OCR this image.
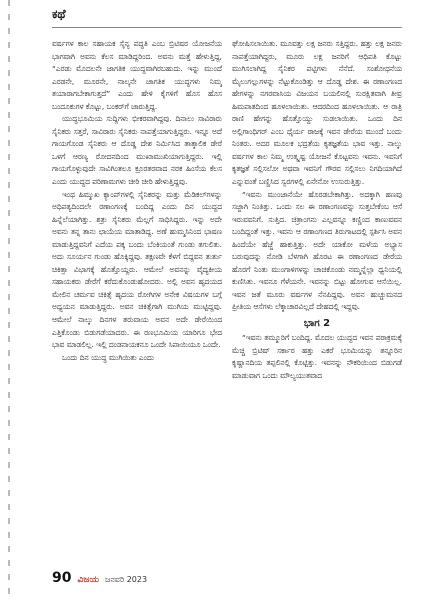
ಕಥೆ

ವರ್ಷಗಳ ಕಾಲ ಸಹಾಯಕ ಸೈನ್ಯ ಪದ್ಧತಿ ಎಂಬ ಬ್ರಿಟಿಷರ ಯೋಜನೆಯ ಭಾಗವಾಗಿ ಅವನು ಕೆಲಸ ಮಾಡಿದ್ದರಿಂದ. ಅವನು ಮತ್ತೆ ಹೇಳುತ್ತಿದ್ದ, “ಎರಡು ಮೊದಲನೇ ಜಾಗತಿಕ ಯುದ್ಧವಾಗಿರಬಹುದು. ಇನ್ನು ಮುಂದೆ ಎರಡನೇ, ಮೂರನೇ, ನಾಲ್ಕನೇ ಜಾಗತಿಕ ಯುದ್ಧಗಳು ನಿಮ್ಮ ತಯಾರಾಗಬೇಕಾಗುತ್ತದೆ” ಎಂದು ಹೇಳಿ ಕೈಗಳಿಗೆ ಹೊಸ ಹೊಸ ಬಂದೂಕುಗಳ ಕೊಟ್ಟು, ಬಂಕರ್‌ಗೆ ಜಾರುತ್ತಿದ್ದ.

ಯುದ್ಧಭೂಮಿಯ ಸುದ್ದಿಗಳು ಭೀಕರವಾಗಿದ್ದವು. ದಿನಾಲು ಸಾವಿರಾರು ಸೈನಿಕರು ಸತ್ತರೆ, ಸಾವಿರಾರು ಸೈನಿಕರು ನಾಪತ್ತೆಯಾಗುತ್ತಿದ್ದರು. ಇನ್ನೂ ಅದೆ ಗಾಯಗೊಂಡ ಸೈನಿಕರು ಆ ದೊಡ್ಡ ದೇಶ ನಿರ್ಮಿಸಿದ ತಾತ್ಕಾಲಿಕ ಡೇರೆ ಒಳಗೆ ಆರಣ್ಯ ರೋದನದಿಂದ ಮುಖಾಮುಖಿಯಾಗುತ್ತಿದ್ದರು. ಇಲ್ಲಿ ಗಾಯಗೊಳ್ಳುವುದೇ ಸಾವಿಗಿಂತಲೂ ಕ್ರೂರತರವಾದ ನರಕ ಹಿಂಸೆಯ ಕೆಲಸ ಎಂದು ಯುದ್ಧದ ಪರಿಣಾಮಗಳು ಚೀರಿ ಚೀರಿ ಹೇಳುತ್ತಿದ್ದವು.

ಇಂಥ ಹಿಮ್ಮುಖ ಕ್ಯಾಂಪ್‌ಗಳಲ್ಲಿ ಸೈನಿಕರನ್ನು ಮತ್ತು ಮೆಡಿಕಲ್‌ಗಳನ್ನು ಅಧಿಪತ್ಯದಿಂದಲೇ ರಣಾಂಗಣಕ್ಕೆ ಬಂದಿದ್ದ ಎಂದು ದಿನ ಯುದ್ಧದ ಹಿನ್ನೆಲೆಯಾಗಿತ್ತು. ಶತ್ರು ಸೈನಿಕರು ಮೆಲ್ಲಗೆ ಸಾಧಿಸಿದ್ದರು. ಇನ್ನು ಅದೇ ಅವನು ತನ್ನ ತಾನು ಛಾಯೆಯ ಮಾತಾಡಿದ್ದ. ಅಣೆ ಹುಮ್ಮಸಿನಿಂದ ಭಾಷಣ ಮಾಡುತ್ತಿದ್ದವನಿಗೆ ಎದೆಯ ಪಕ್ಕ ಬಂದು ಬೆಂಕಿಯಂತೆ ಗುಂಡು ತಗುಲಿತು. ಅದು ಸೂರ್ಯನ ಗುಂಡು ಹೊಕ್ಕಿದ್ದವು. ತಕ್ಷಣವೇ ಕೆಳಗೆ ಬಿದ್ದವನ ತುರ್ತು ಚಿಕಿತ್ಸಾ ವಿಭಾಗಕ್ಕೆ ಹೊತ್ತೊಯ್ದರು. ಆಮೇಲೆ ಅವನನ್ನು ವೈದ್ಯಕೀಯ ಸಹಾಯಕರು ಡೇರೆಗೆ ಕರೆದುಕೊಂಡುಹೋದರು. ಅಲ್ಲಿ ಅವನ ಹೃದಯದ ಮೇಲಿನ ಚರ್ಮವ ಚಿಕಿತ್ಸೆ ಹೃದಯ ರೋಗಿಗಳ ಅನೇಕ ವಿಷಯಗಳ ಬಗ್ಗೆ ಅಧ್ಯಯನ ಮಾಡುತ್ತಿದ್ದರು. ಅವನ ಚಿಕಿತ್ಸೆಗಾಗಿ ಮುಗಿಯ ಮುಟ್ಟಿದ್ದವು. ಆಮೇಲೆ ನಾಲ್ಕು ದಿನಗಳ ತರುವಾಯ ಅವನ ಅದೇ ಡೇರೆಯಿಂದ ಎತ್ತಿಕೊಂಡು ಬಿಡುಗಡೆಯಾದರು. ಈ ರಣಭೂಮಿಯ ಯಾರಿಗೂ ಭೇದ ಭಾವ ಮಾಡಲಿಲ್ಲ. ಇಲ್ಲಿ ದಂಡನಾಯಕನೂ ಒಂದೇ ಸಿಪಾಯಿಯೂ ಒಂದೇ.

ಒಂದು ದಿನ ಯುದ್ಧ ಮುಗಿಯಿತು ಎಂದು

ಘೋಷಿಸಲಾಯಿತು. ಮೂವತ್ತು ಲಕ್ಷ ಜನರು ಸತ್ತಿದ್ದರು. ಹತ್ತು ಲಕ್ಷ ಜನರು ನಾಪತ್ತೆಯಾಗಿದ್ದರು, ಮೂರು ಲಕ್ಷ ಜನರಿಗೆ ಆಧಿಪತಿ ಕೊಟ್ಟು ಮುಗಿಸಲಾಗಿದ್ದ ಸೈನಿಕರ ಪಟ್ಟಿಗಳು ನೆನೆದೆ. ಸಂಶೋಧನೆಯ ಮೈಲುಗಲ್ಲುಗಳನ್ನು ನೆಟ್ಟುಕೊಂಡಿತ್ತು ಆ ದೊಡ್ಡ ದೇಶ. ಈ ರಣಾಂಗಣದ ಹೇಗಳನ್ನು ನಗರವಾಸಿಯ ವಿಜಯನ ಬಯಲಿನಲ್ಲಿ ಸುರಕ್ಷಿತವಾಗಿ ತೀವ್ರ ಹಿಮಪಾತದಿಂದ ಹೂಳಲಾಯಿತು. ಆದರದಿಂದ ಹೂಳಲಾಯಿತು. ಆ ರಾತ್ರಿ ರಾಣಿ ಹೇಗನ್ನು ಹೊತ್ತೊಯ್ದು ಸುಡಲಾಯಿತು. ಒಂದು ದಿನ ಅಲ್ಲಿಗಾಂಧಿಗರ್ ಎಂಬ ಧೈರ್ಯ ರಾಜಕ್ಕೆ ಇವನ ಡೇರೆಯ ಮುಂದೆ ಬಂದು ನಿಂತರು. ಅದರ ಮೂಲಕ ಭದ್ರತೆಯ ಕೃತಜ್ಞತೆಯ ಭಾವ ಇತ್ತು. ನಾಲ್ಕು ವರ್ಷಗಳ ಕಾಲ ನಿಮ್ಮ ಉತ್ಕೃಷ್ಟ ಯೋಜನೆ ಕೊಟ್ಟವನು ಇವನು. ಇವನಿಗೆ ಕೃತಜ್ಞತೆ ಸಲ್ಲಿಸಲೋ ಅಥವಾ ಇವನಿಗೆ ಗೌರವ ಸಲ್ಲಿಸಲು ನಿಗದಿಯಾಗಿದೆ ಎನ್ನುವಂತೆ ಬಣ್ಣಿಸಿದ ಸ್ವರಗಳಲ್ಲಿ ಏನೇನೋ ಉಸುರುತ್ತಿತ್ತು.

“ಇವನು ಮುಂಜಾನೆಯೇ ಹೊರಡಬೇಕಾಗಿತ್ತು. ಅದಕ್ಕಾಗಿ ಹಣವು ಸಜ್ಜಾಗಿ ನಿಂತಿತ್ತು. ಒಂದು ಸಲ ಈ ರಣಾಂಗಣವನ್ನು ಸುತ್ತಬೇಕೆಂಬ ಆಸೆ ಇರುವವನಿಗೆ. ಸುತ್ತಿದ. ಚಿತ್ರಾಂಗನು ಎಲ್ಲವನ್ನೂ ಕಣ್ಣಿಂದ ಕಾಣುವವನ ಬಂದಿದ್ದಂತೆ ಇತ್ತು. ಇವನು ಆ ರಣಾಂಗಣದ ತಿರುಗಾಟದಲ್ಲಿ ಸ್ಪರ್ಶಿಸಿ ಅವನ ಹಿಂದೆಯೇ ಹೆಜ್ಜೆ ಹಾಕುತ್ತಿತ್ತು. ಅದೇ ಯಾಕೋ ಮಳೆಯ ಅಭ್ಯಾಸ ಬರುವುದನ್ನು ನೋಡಿ ಬೆಳಗಾಗಿ ಹೊರಟ ಈ ರಣಾಂಗಣದ ಡೇರೆಯ ಹೊರಗೆ ನಿಂತು ಮುಂಗಾಳಿಗಳನ್ನು ಚಾಚಿಕೊಂಡು ನಮ್ಮನ್ನೆಲ್ಲಾ ಧ್ವನಿಯಲ್ಲಿ ಕುಣಿಸಿತು. ಇವನೂ ಗೆಳೆಯನೇ. ಇವನನ್ನು ಬಿಟ್ಟು ಹೋಗುವ ಆಸೆಯಿಲ್ಲ. ಇವನ ಜತೆ ಮೂರು ವರ್ಷಗಳ ನೆನಪಿದ್ದವು. ಅವನ ಹುಚ್ಚುಮನದ ಪ್ರೀತಿಯ ಆಸೆಗಳು ಲೆಕ್ಕಾಚಾರವಿಲ್ಲದೆ ದೇಹದಲ್ಲಿ ಇದ್ದವು.

ಭಾಗ 2

“ಇವನು ತಮ್ಮೂರಿಗೆ ಬಂದಿದ್ದ. ಮೊದಲ ಯುದ್ಧದ ಇವನ ಪರಾಕ್ರಮಕ್ಕೆ ಮೆಚ್ಚಿ ಬ್ರಿಟಿಷ್ ಸರ್ಕಾರ ಹತ್ತು ಎಕರೆ ಭೂಮಿಯನ್ನು ತನ್ನೂರಿನ ಕೃಷ್ಣಾನದಿಯ ತಪ್ಪಲಿನಲ್ಲಿ ಕೊಟ್ಟಿತ್ತು. ಇವನನ್ನು ನೌಕರಿಯಿಂದ ಬಿಡುಗಡೆ ಮಾಡುವಾಗ ಒಂದು ಮೌಲ್ಯಯುತವಾದ

90 ವಿಜಯ ಜನವರಿ 2023
